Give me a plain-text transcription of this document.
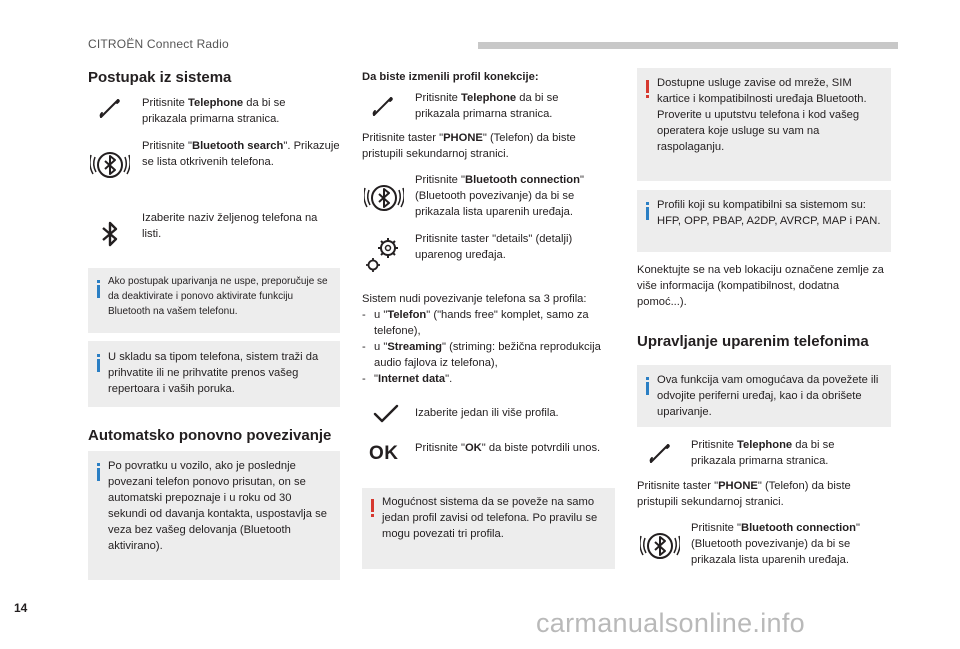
CITROËN Connect Radio
Postupak iz sistema
Pritisnite Telephone da bi se prikazala primarna stranica.
Pritisnite "Bluetooth search". Prikazuje se lista otkrivenih telefona.
Izaberite naziv željenog telefona na listi.
Ako postupak uparivanja ne uspe, preporučuje se da deaktivirate i ponovo aktivirate funkciju Bluetooth na vašem telefonu.
U skladu sa tipom telefona, sistem traži da prihvatite ili ne prihvatite prenos vašeg repertoara i vaših poruka.
Automatsko ponovno povezivanje
Po povratku u vozilo, ako je poslednje povezani telefon ponovo prisutan, on se automatski prepoznaje i u roku od 30 sekundi od davanja kontakta, uspostavlja se veza bez vašeg delovanja (Bluetooth aktivirano).
Da biste izmenili profil konekcije:
Pritisnite Telephone da bi se prikazala primarna stranica.
Pritisnite taster "PHONE" (Telefon) da biste pristupili sekundarnoj stranici.
Pritisnite "Bluetooth connection" (Bluetooth povezivanje) da bi se prikazala lista uparenih uređaja.
Pritisnite taster "details" (detalji) uparenog uređaja.
Sistem nudi povezivanje telefona sa 3 profila:
- u "Telefon" ("hands free" komplet, samo za telefone),
- u "Streaming" (striming: bežična reprodukcija audio fajlova iz telefona),
- "Internet data".
Izaberite jedan ili više profila.
OK Pritisnite "OK" da biste potvrdili unos.
Mogućnost sistema da se poveže na samo jedan profil zavisi od telefona. Po pravilu se mogu povezati tri profila.
Dostupne usluge zavise od mreže, SIM kartice i kompatibilnosti uređaja Bluetooth. Proverite u uputstvu telefona i kod vašeg operatera koje usluge su vam na raspolaganju.
Profili koji su kompatibilni sa sistemom su: HFP, OPP, PBAP, A2DP, AVRCP, MAP i PAN.
Konektujte se na veb lokaciju označene zemlje za više informacija (kompatibilnost, dodatna pomoć...).
Upravljanje uparenim telefonima
Ova funkcija vam omogućava da povežete ili odvojite periferni uređaj, kao i da obrišete uparivanje.
Pritisnite Telephone da bi se prikazala primarna stranica.
Pritisnite taster "PHONE" (Telefon) da biste pristupili sekundarnoj stranici.
Pritisnite "Bluetooth connection" (Bluetooth povezivanje) da bi se prikazala lista uparenih uređaja.
14	carmanualsonline.info
